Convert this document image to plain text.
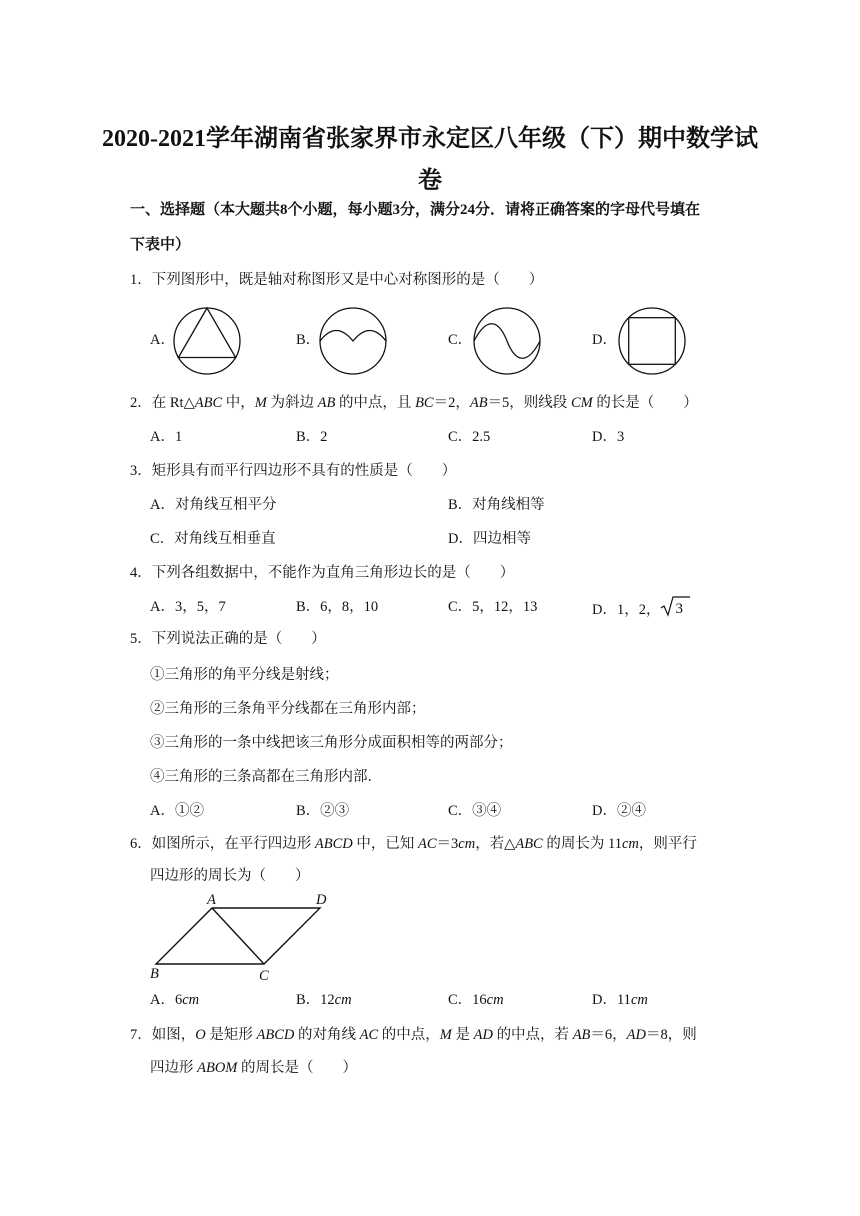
2020-2021学年湖南省张家界市永定区八年级（下）期中数学试
卷
一、选择题（本大题共8个小题，每小题3分，满分24分．请将正确答案的字母代号填在
下表中）
1．下列图形中，既是轴对称图形又是中心对称图形的是（　　）
A．	B．	C．	D．
2．在 Rt△ABC 中，M 为斜边 AB 的中点，且 BC＝2，AB＝5，则线段 CM 的长是（　　）
A．1	B．2	C．2.5	D．3
3．矩形具有而平行四边形不具有的性质是（　　）
A．对角线互相平分	B．对角线相等
C．对角线互相垂直	D．四边相等
4．下列各组数据中，不能作为直角三角形边长的是（　　）
A．3，5，7	B．6，8，10	C．5，12，13	D．1，2， 3
5．下列说法正确的是（　　）
①三角形的角平分线是射线；
②三角形的三条角平分线都在三角形内部；
③三角形的一条中线把该三角形分成面积相等的两部分；
④三角形的三条高都在三角形内部．
A．①②	B．②③	C．③④	D．②④
6．如图所示，在平行四边形 ABCD 中，已知 AC＝3cm，若△ABC 的周长为 11cm，则平行
四边形的周长为（　　）
A	D
B	C
A．6cm	B．12cm	C．16cm	D．11cm
7．如图，O 是矩形 ABCD 的对角线 AC 的中点，M 是 AD 的中点，若 AB＝6，AD＝8，则
四边形 ABOM 的周长是（　　）
